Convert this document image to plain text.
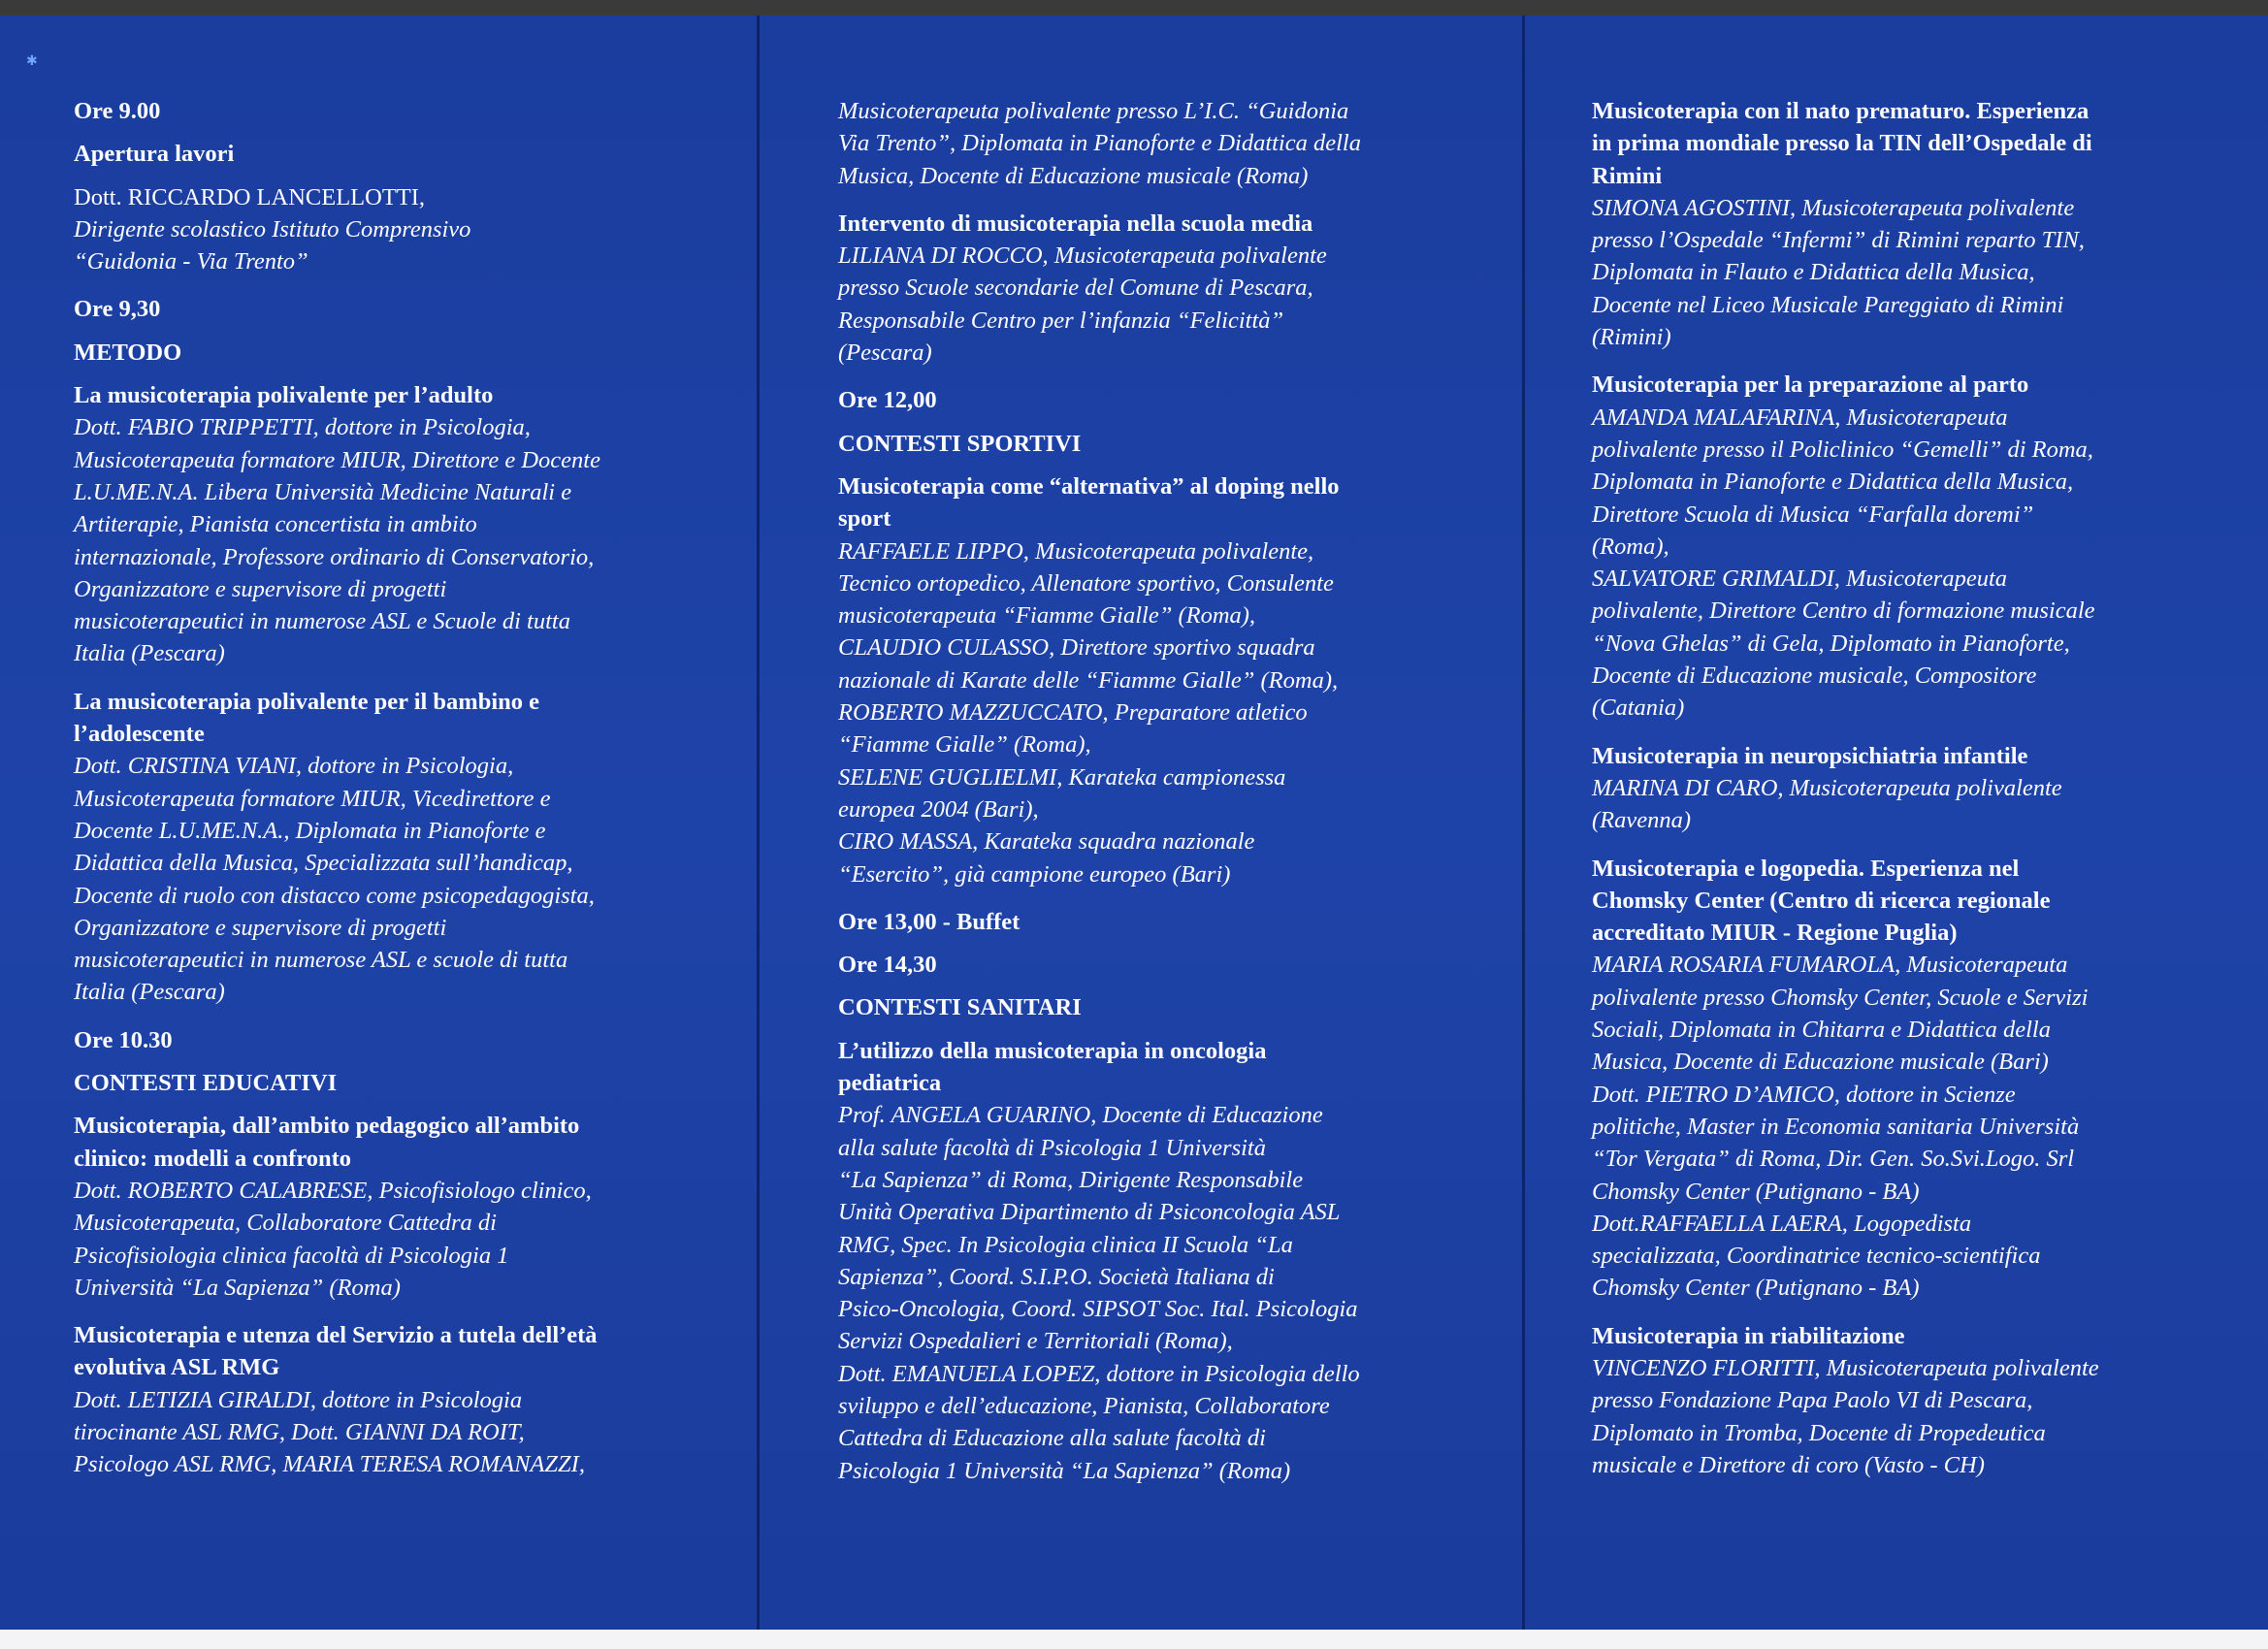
✱
Ore 9.00
Apertura lavori
Dott. RICCARDO LANCELLOTTI,
Dirigente scolastico Istituto Comprensivo
“Guidonia - Via Trento”
Ore 9,30
METODO
La musicoterapia polivalente per l’adulto
Dott. FABIO TRIPPETTI, dottore in Psicologia,
Musicoterapeuta formatore MIUR, Direttore e Docente
L.U.ME.N.A. Libera Università Medicine Naturali e
Artiterapie, Pianista concertista in ambito
internazionale, Professore ordinario di Conservatorio,
Organizzatore e supervisore di progetti
musicoterapeutici in numerose ASL e Scuole di tutta
Italia (Pescara)
La musicoterapia polivalente per il bambino e
l’adolescente
Dott. CRISTINA VIANI, dottore in Psicologia,
Musicoterapeuta formatore MIUR, Vicedirettore e
Docente L.U.ME.N.A., Diplomata in Pianoforte e
Didattica della Musica, Specializzata sull’handicap,
Docente di ruolo con distacco come psicopedagogista,
Organizzatore e supervisore di progetti
musicoterapeutici in numerose ASL e scuole di tutta
Italia (Pescara)
Ore 10.30
CONTESTI EDUCATIVI
Musicoterapia, dall’ambito pedagogico all’ambito
clinico: modelli a confronto
Dott. ROBERTO CALABRESE, Psicofisiologo clinico,
Musicoterapeuta, Collaboratore Cattedra di
Psicofisiologia clinica facoltà di Psicologia 1
Università “La Sapienza” (Roma)
Musicoterapia e utenza del Servizio a tutela dell’età
evolutiva ASL RMG
Dott. LETIZIA GIRALDI, dottore in Psicologia
tirocinante ASL RMG, Dott. GIANNI DA ROIT,
Psicologo ASL RMG, MARIA TERESA ROMANAZZI,
Musicoterapeuta polivalente presso L’I.C. “Guidonia
Via Trento”, Diplomata in Pianoforte e Didattica della
Musica, Docente di Educazione musicale (Roma)
Intervento di musicoterapia nella scuola media
LILIANA DI ROCCO, Musicoterapeuta polivalente
presso Scuole secondarie del Comune di Pescara,
Responsabile Centro per l’infanzia “Felicittà”
(Pescara)
Ore 12,00
CONTESTI SPORTIVI
Musicoterapia come “alternativa” al doping nello
sport
RAFFAELE LIPPO, Musicoterapeuta polivalente,
Tecnico ortopedico, Allenatore sportivo, Consulente
musicoterapeuta “Fiamme Gialle” (Roma),
CLAUDIO CULASSO, Direttore sportivo squadra
nazionale di Karate delle “Fiamme Gialle” (Roma),
ROBERTO MAZZUCCATO, Preparatore atletico
“Fiamme Gialle” (Roma),
SELENE GUGLIELMI, Karateka campionessa
europea 2004 (Bari),
CIRO MASSA, Karateka squadra nazionale
“Esercito”, già campione europeo (Bari)
Ore 13,00 - Buffet
Ore 14,30
CONTESTI SANITARI
L’utilizzo della musicoterapia in oncologia
pediatrica
Prof. ANGELA GUARINO, Docente di Educazione
alla salute facoltà di Psicologia 1 Università
“La Sapienza” di Roma, Dirigente Responsabile
Unità Operativa Dipartimento di Psiconcologia ASL
RMG, Spec. In Psicologia clinica II Scuola “La
Sapienza”, Coord. S.I.P.O. Società Italiana di
Psico-Oncologia, Coord. SIPSOT Soc. Ital. Psicologia
Servizi Ospedalieri e Territoriali (Roma),
Dott. EMANUELA LOPEZ, dottore in Psicologia dello
sviluppo e dell’educazione, Pianista, Collaboratore
Cattedra di Educazione alla salute facoltà di
Psicologia 1 Università “La Sapienza” (Roma)
Musicoterapia con il nato prematuro. Esperienza
in prima mondiale presso la TIN dell’Ospedale di
Rimini
SIMONA AGOSTINI, Musicoterapeuta polivalente
presso l’Ospedale “Infermi” di Rimini reparto TIN,
Diplomata in Flauto e Didattica della Musica,
Docente nel Liceo Musicale Pareggiato di Rimini
(Rimini)
Musicoterapia per la preparazione al parto
AMANDA MALAFARINA, Musicoterapeuta
polivalente presso il Policlinico “Gemelli” di Roma,
Diplomata in Pianoforte e Didattica della Musica,
Direttore Scuola di Musica “Farfalla doremi”
(Roma),
SALVATORE GRIMALDI, Musicoterapeuta
polivalente, Direttore Centro di formazione musicale
“Nova Ghelas” di Gela, Diplomato in Pianoforte,
Docente di Educazione musicale, Compositore
(Catania)
Musicoterapia in neuropsichiatria infantile
MARINA DI CARO, Musicoterapeuta polivalente
(Ravenna)
Musicoterapia e logopedia. Esperienza nel
Chomsky Center (Centro di ricerca regionale
accreditato MIUR - Regione Puglia)
MARIA ROSARIA FUMAROLA, Musicoterapeuta
polivalente presso Chomsky Center, Scuole e Servizi
Sociali, Diplomata in Chitarra e Didattica della
Musica, Docente di Educazione musicale (Bari)
Dott. PIETRO D’AMICO, dottore in Scienze
politiche, Master in Economia sanitaria Università
“Tor Vergata” di Roma, Dir. Gen. So.Svi.Logo. Srl
Chomsky Center (Putignano - BA)
Dott.RAFFAELLA LAERA, Logopedista
specializzata, Coordinatrice tecnico-scientifica
Chomsky Center (Putignano - BA)
Musicoterapia in riabilitazione
VINCENZO FLORITTI, Musicoterapeuta polivalente
presso Fondazione Papa Paolo VI di Pescara,
Diplomato in Tromba, Docente di Propedeutica
musicale e Direttore di coro (Vasto - CH)
